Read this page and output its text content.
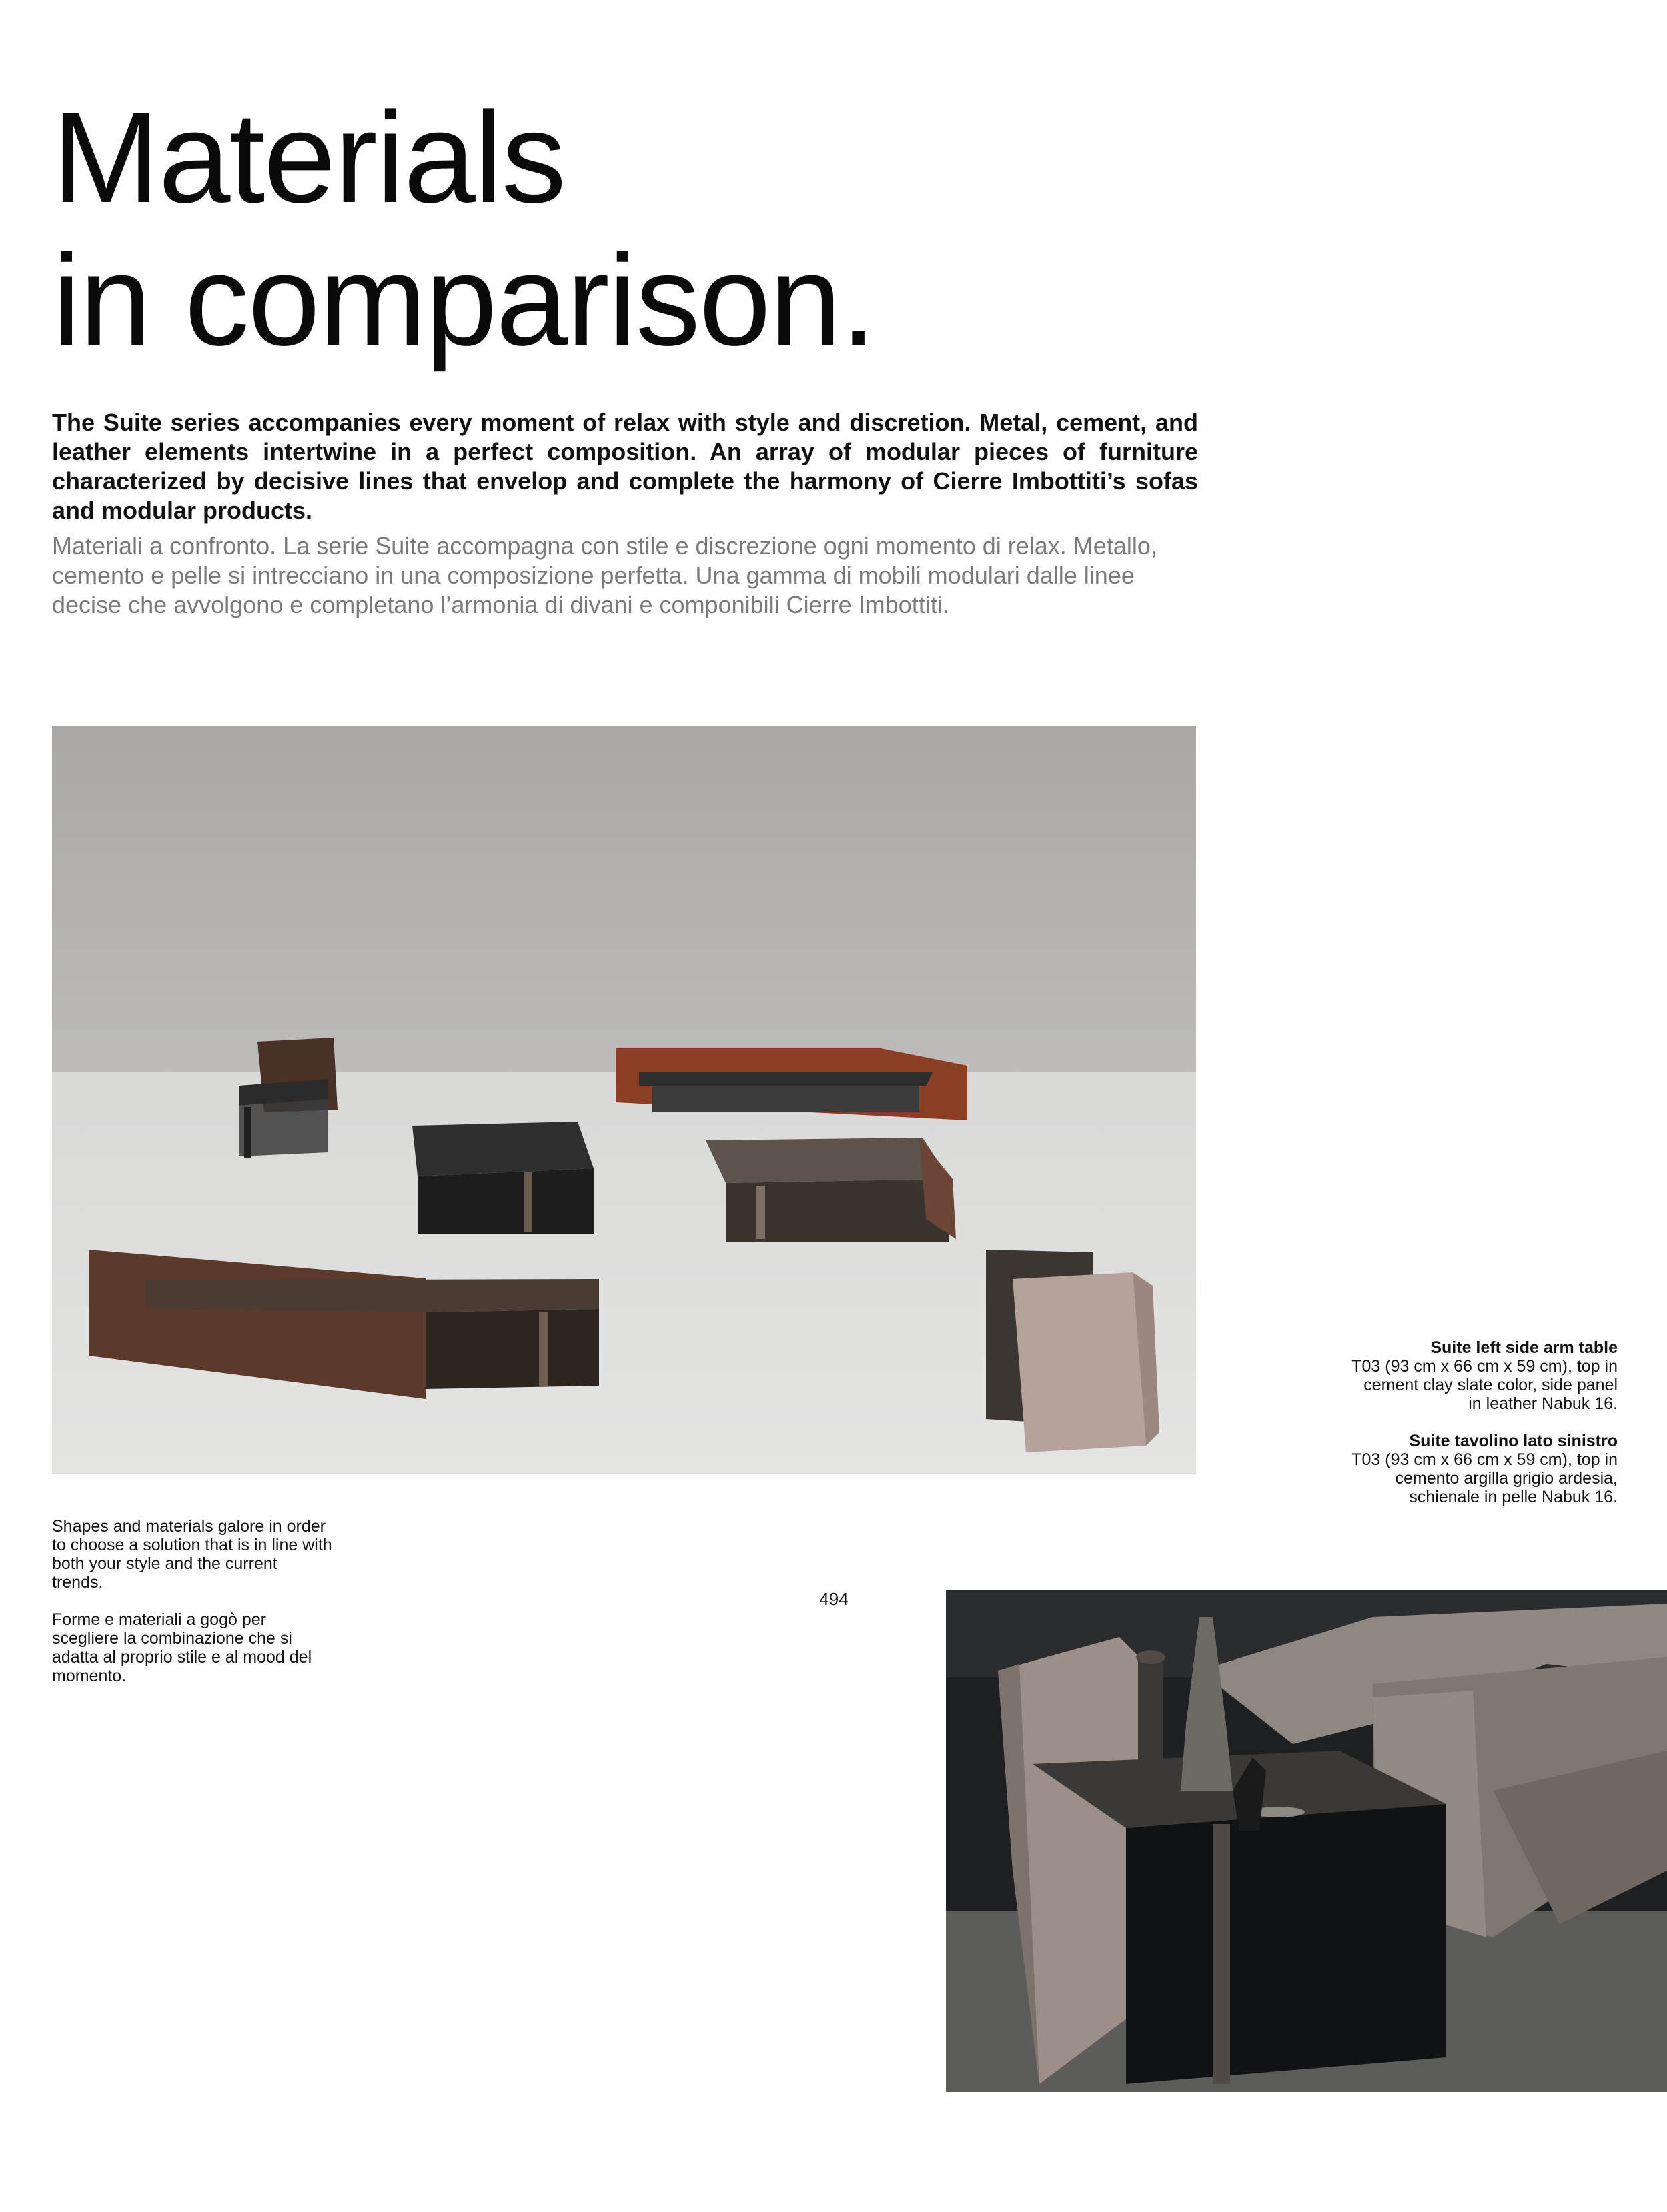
Materials
in comparison.
The Suite series accompanies every moment of relax with style and discretion. Metal, cement, and leather elements intertwine in a perfect composition. An array of modular pieces of furniture characterized by decisive lines that envelop and complete the harmony of Cierre Imbottiti’s sofas and modular products.
Materiali a confronto. La serie Suite accompagna con stile e discrezione ogni momento di relax. Metallo, cemento e pelle si intrecciano in una composizione perfetta. Una gamma di mobili modulari dalle linee decise che avvolgono e completano l’armonia di divani e componibili Cierre Imbottiti.

Suite left side arm table
T03 (93 cm x 66 cm x 59 cm), top in cement clay slate color, side panel in leather Nabuk 16.

Suite tavolino lato sinistro
T03 (93 cm x 66 cm x 59 cm), top in cemento argilla grigio ardesia, schienale in pelle Nabuk 16.

Shapes and materials galore in order to choose a solution that is in line with both your style and the current trends.

Forme e materiali a gogò per scegliere la combinazione che si adatta al proprio stile e al mood del momento.

494
